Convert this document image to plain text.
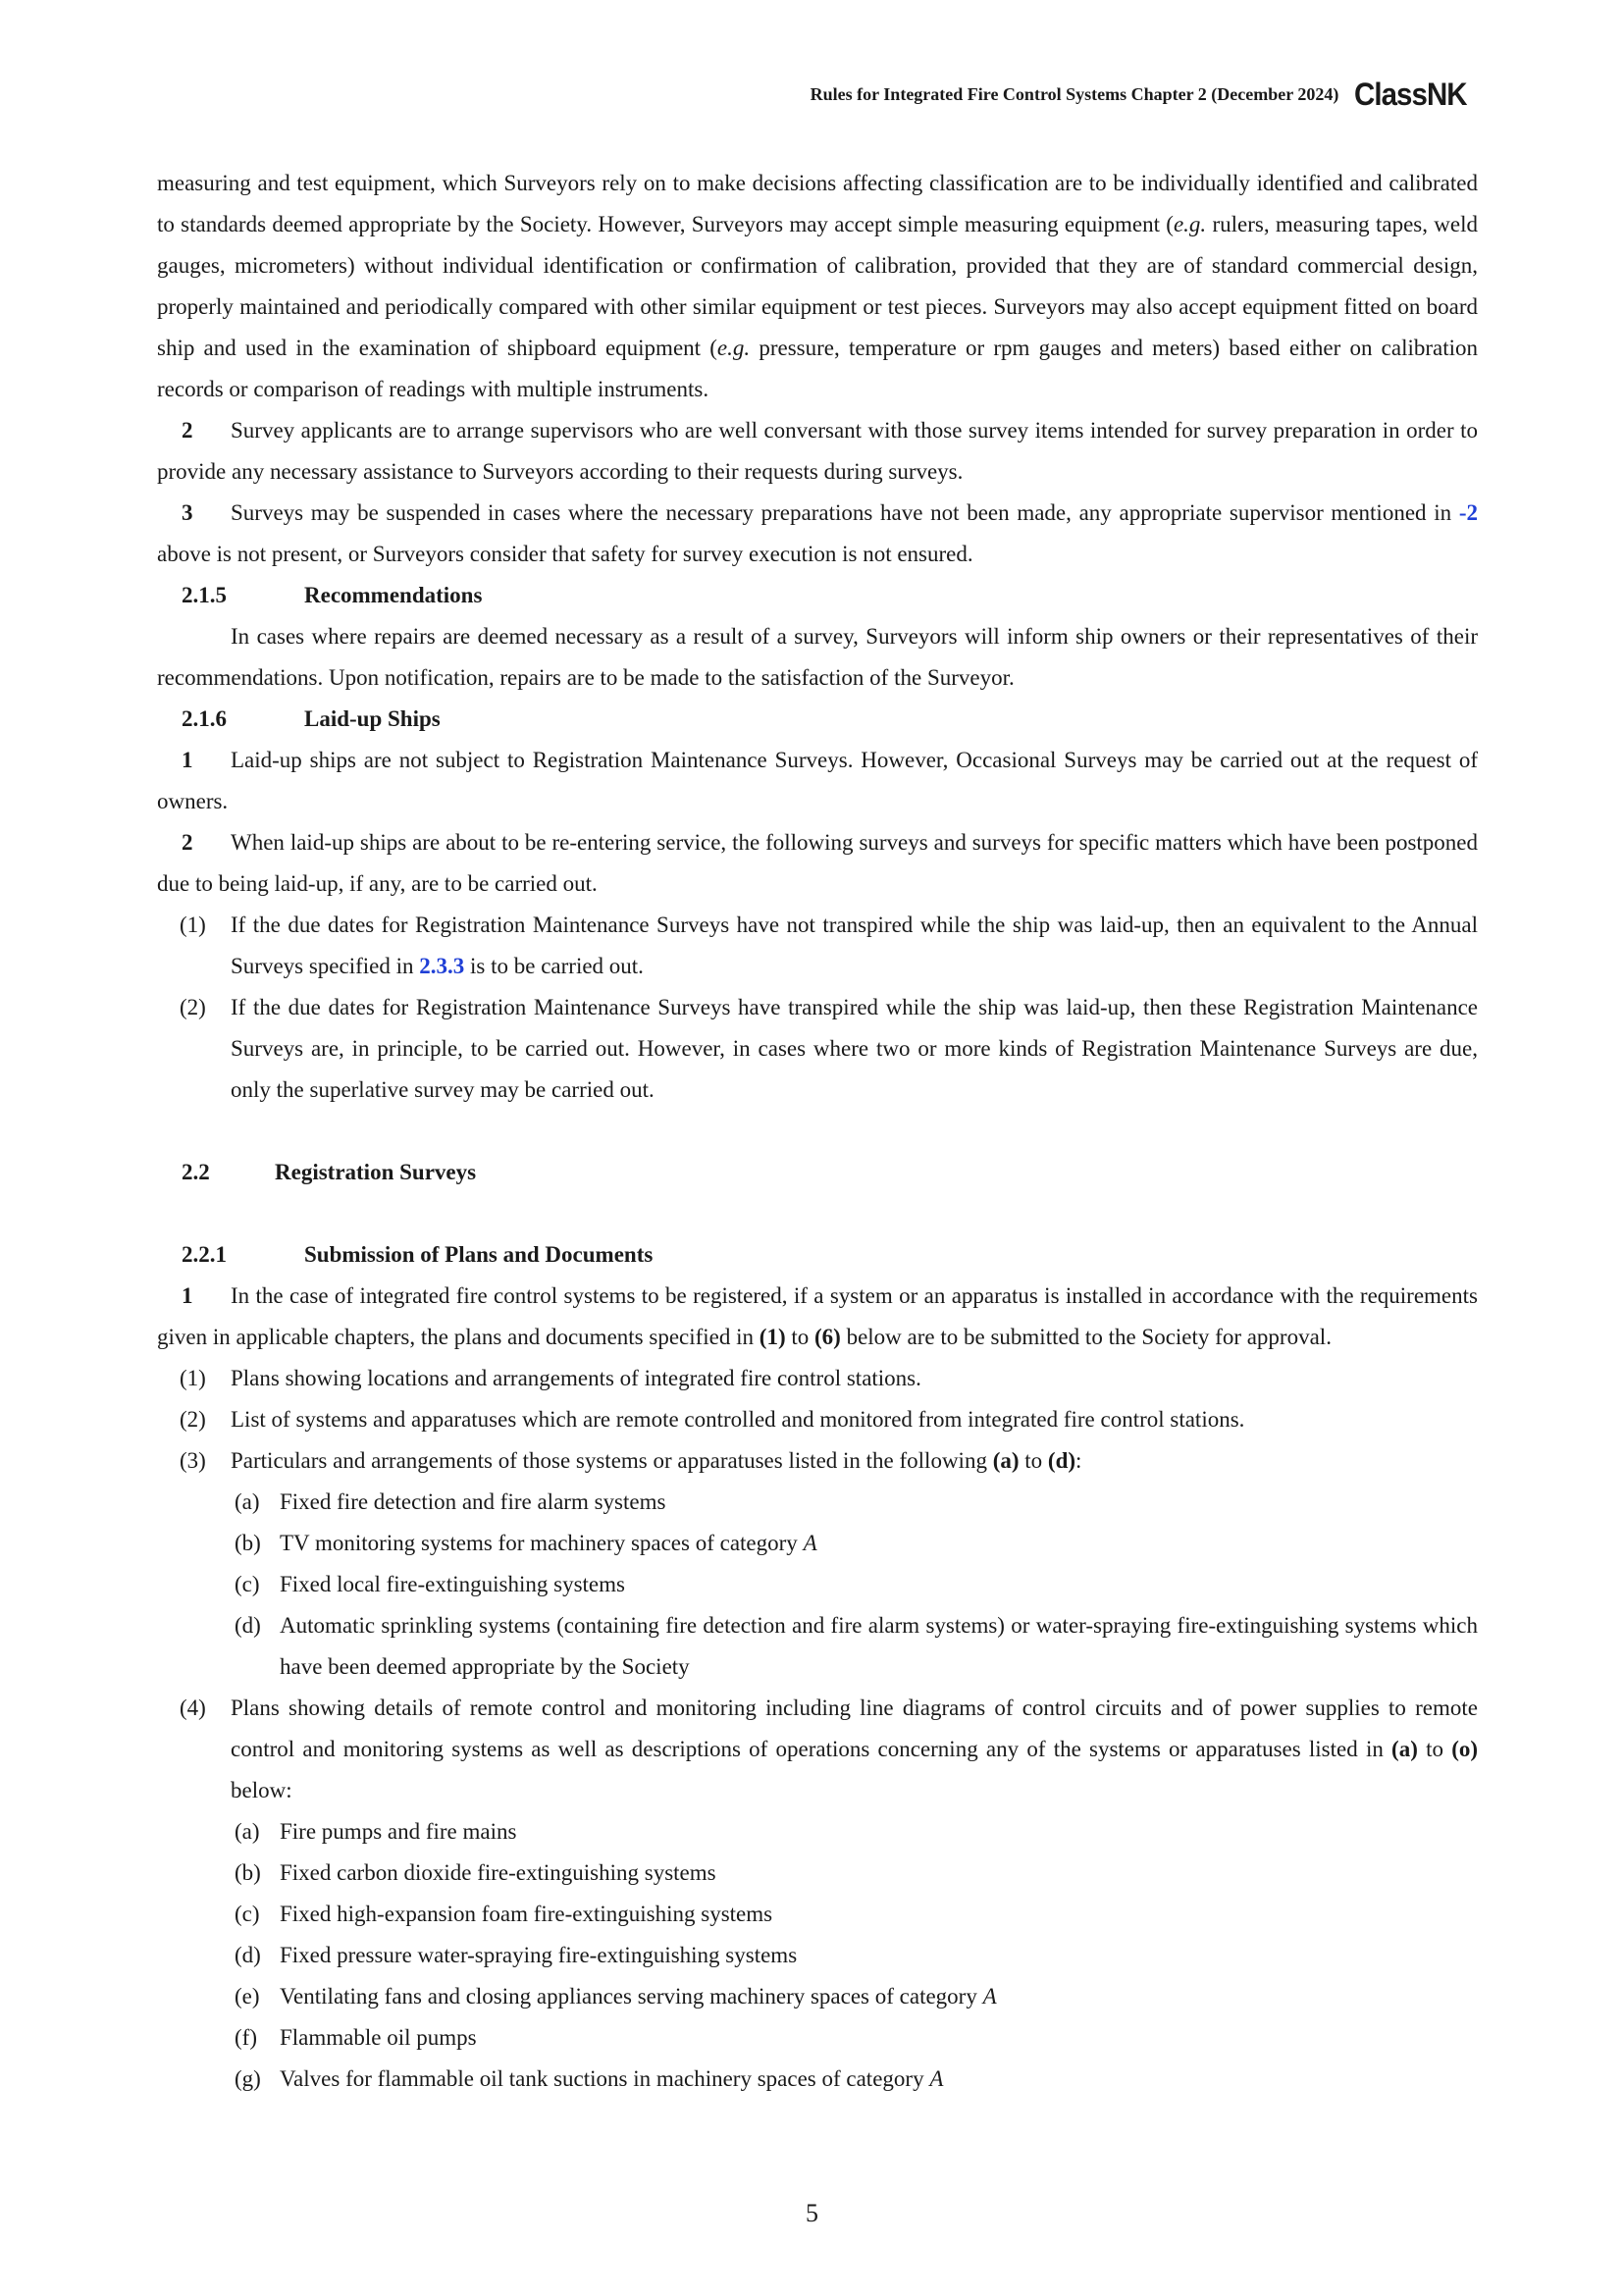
Rules for Integrated Fire Control Systems Chapter 2 (December 2024) ClassNK

measuring and test equipment, which Surveyors rely on to make decisions affecting classification are to be individually identified and calibrated to standards deemed appropriate by the Society. However, Surveyors may accept simple measuring equipment (e.g. rulers, measuring tapes, weld gauges, micrometers) without individual identification or confirmation of calibration, provided that they are of standard commercial design, properly maintained and periodically compared with other similar equipment or test pieces. Surveyors may also accept equipment fitted on board ship and used in the examination of shipboard equipment (e.g. pressure, temperature or rpm gauges and meters) based either on calibration records or comparison of readings with multiple instruments.

2 Survey applicants are to arrange supervisors who are well conversant with those survey items intended for survey preparation in order to provide any necessary assistance to Surveyors according to their requests during surveys.

3 Surveys may be suspended in cases where the necessary preparations have not been made, any appropriate supervisor mentioned in -2 above is not present, or Surveyors consider that safety for survey execution is not ensured.

2.1.5	Recommendations

In cases where repairs are deemed necessary as a result of a survey, Surveyors will inform ship owners or their representatives of their recommendations. Upon notification, repairs are to be made to the satisfaction of the Surveyor.

2.1.6	Laid-up Ships

1 Laid-up ships are not subject to Registration Maintenance Surveys. However, Occasional Surveys may be carried out at the request of owners.

2 When laid-up ships are about to be re-entering service, the following surveys and surveys for specific matters which have been postponed due to being laid-up, if any, are to be carried out.

(1) If the due dates for Registration Maintenance Surveys have not transpired while the ship was laid-up, then an equivalent to the Annual Surveys specified in 2.3.3 is to be carried out.
(2) If the due dates for Registration Maintenance Surveys have transpired while the ship was laid-up, then these Registration Maintenance Surveys are, in principle, to be carried out. However, in cases where two or more kinds of Registration Maintenance Surveys are due, only the superlative survey may be carried out.
2.2	Registration Surveys
2.2.1	Submission of Plans and Documents

1 In the case of integrated fire control systems to be registered, if a system or an apparatus is installed in accordance with the requirements given in applicable chapters, the plans and documents specified in (1) to (6) below are to be submitted to the Society for approval.

(1) Plans showing locations and arrangements of integrated fire control stations.
(2) List of systems and apparatuses which are remote controlled and monitored from integrated fire control stations.
(3) Particulars and arrangements of those systems or apparatuses listed in the following (a) to (d):
(a) Fixed fire detection and fire alarm systems
(b) TV monitoring systems for machinery spaces of category A
(c) Fixed local fire-extinguishing systems
(d) Automatic sprinkling systems (containing fire detection and fire alarm systems) or water-spraying fire-extinguishing systems which have been deemed appropriate by the Society
(4) Plans showing details of remote control and monitoring including line diagrams of control circuits and of power supplies to remote control and monitoring systems as well as descriptions of operations concerning any of the systems or apparatuses listed in (a) to (o) below:
(a) Fire pumps and fire mains
(b) Fixed carbon dioxide fire-extinguishing systems
(c) Fixed high-expansion foam fire-extinguishing systems
(d) Fixed pressure water-spraying fire-extinguishing systems
(e) Ventilating fans and closing appliances serving machinery spaces of category A
(f) Flammable oil pumps
(g) Valves for flammable oil tank suctions in machinery spaces of category A
5
